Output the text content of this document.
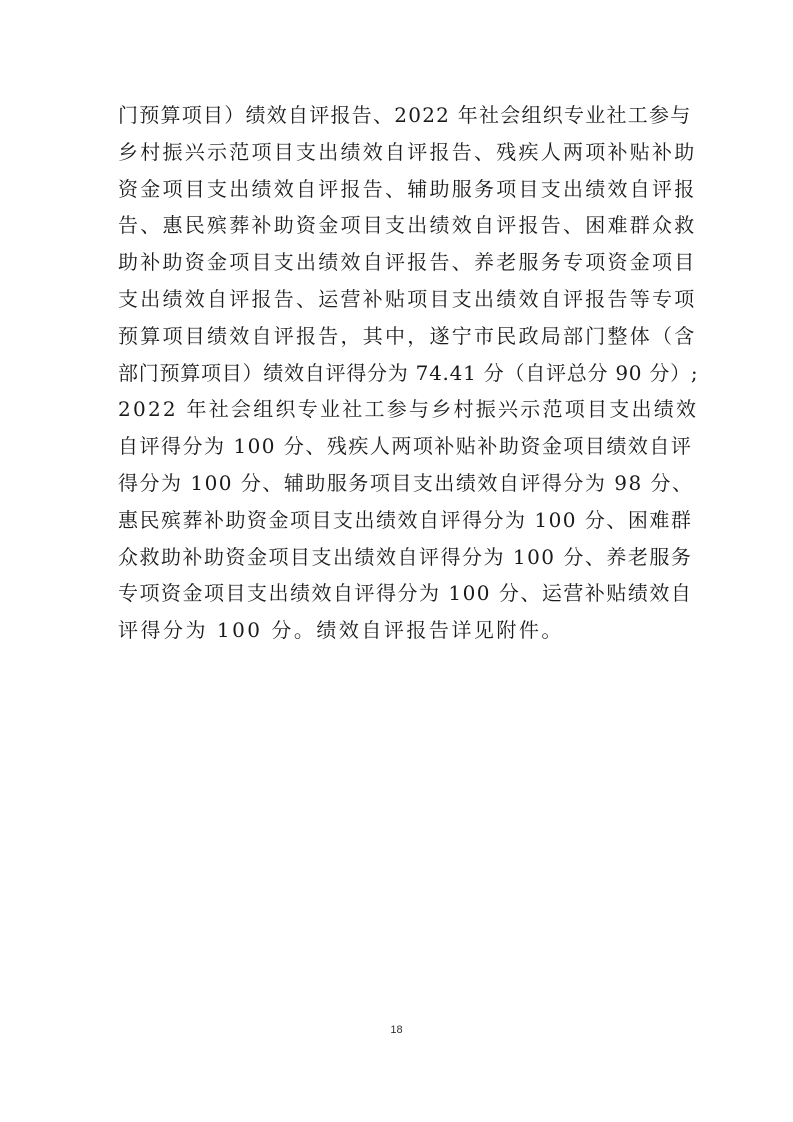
门预算项目）绩效自评报告、2022 年社会组织专业社工参与
乡村振兴示范项目支出绩效自评报告、残疾人两项补贴补助
资金项目支出绩效自评报告、辅助服务项目支出绩效自评报
告、惠民殡葬补助资金项目支出绩效自评报告、困难群众救
助补助资金项目支出绩效自评报告、养老服务专项资金项目
支出绩效自评报告、运营补贴项目支出绩效自评报告等专项
预算项目绩效自评报告，其中，遂宁市民政局部门整体（含
部门预算项目）绩效自评得分为 74.41 分（自评总分 90 分）;
2022 年社会组织专业社工参与乡村振兴示范项目支出绩效
自评得分为 100 分、残疾人两项补贴补助资金项目绩效自评
得分为 100 分、辅助服务项目支出绩效自评得分为 98 分、
惠民殡葬补助资金项目支出绩效自评得分为 100 分、困难群
众救助补助资金项目支出绩效自评得分为 100 分、养老服务
专项资金项目支出绩效自评得分为 100 分、运营补贴绩效自
评得分为 100 分。绩效自评报告详见附件。
18
